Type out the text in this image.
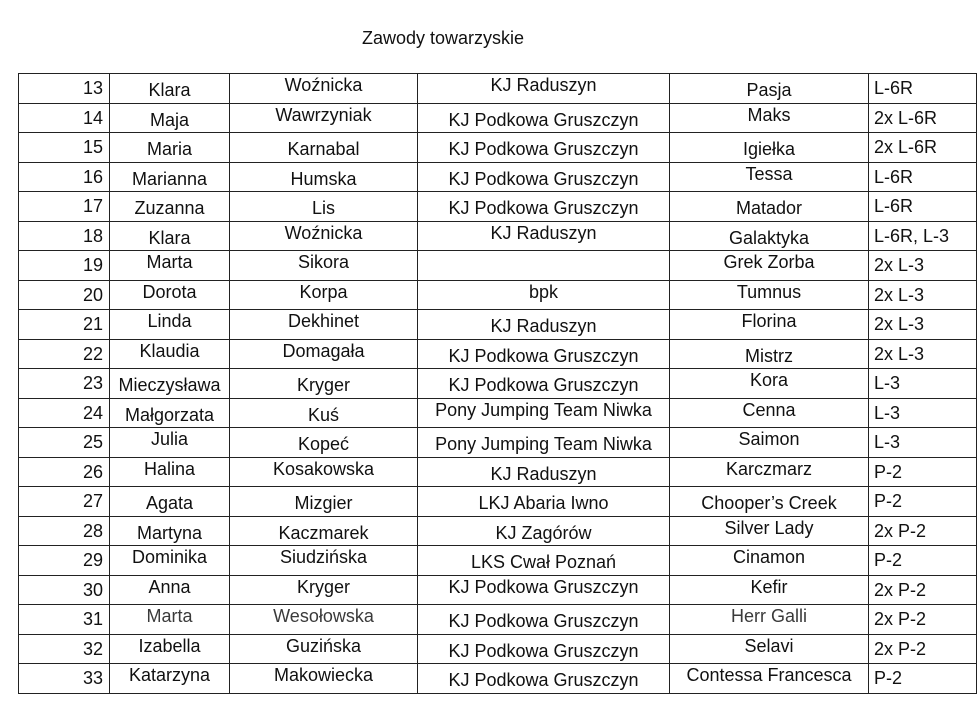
Zawody towarzyskie
13	Klara	Woźnicka	KJ Raduszyn	Pasja	L-6R
14	Maja	Wawrzyniak	KJ Podkowa Gruszczyn	Maks	2x L-6R
15	Maria	Karnabal	KJ Podkowa Gruszczyn	Igiełka	2x L-6R
16	Marianna	Humska	KJ Podkowa Gruszczyn	Tessa	L-6R
17	Zuzanna	Lis	KJ Podkowa Gruszczyn	Matador	L-6R
18	Klara	Woźnicka	KJ Raduszyn	Galaktyka	L-6R, L-3
19	Marta	Sikora		Grek Zorba	2x L-3
20	Dorota	Korpa	bpk	Tumnus	2x L-3
21	Linda	Dekhinet	KJ Raduszyn	Florina	2x L-3
22	Klaudia	Domagała	KJ Podkowa Gruszczyn	Mistrz	2x L-3
23	Mieczysława	Kryger	KJ Podkowa Gruszczyn	Kora	L-3
24	Małgorzata	Kuś	Pony Jumping Team Niwka	Cenna	L-3
25	Julia	Kopeć	Pony Jumping Team Niwka	Saimon	L-3
26	Halina	Kosakowska	KJ Raduszyn	Karczmarz	P-2
27	Agata	Mizgier	LKJ Abaria Iwno	Chooper’s Creek	P-2
28	Martyna	Kaczmarek	KJ Zagórów	Silver Lady	2x P-2
29	Dominika	Siudzińska	LKS Cwał Poznań	Cinamon	P-2
30	Anna	Kryger	KJ Podkowa Gruszczyn	Kefir	2x P-2
31	Marta	Wesołowska	KJ Podkowa Gruszczyn	Herr Galli	2x P-2
32	Izabella	Guzińska	KJ Podkowa Gruszczyn	Selavi	2x P-2
33	Katarzyna	Makowiecka	KJ Podkowa Gruszczyn	Contessa Francesca	P-2
